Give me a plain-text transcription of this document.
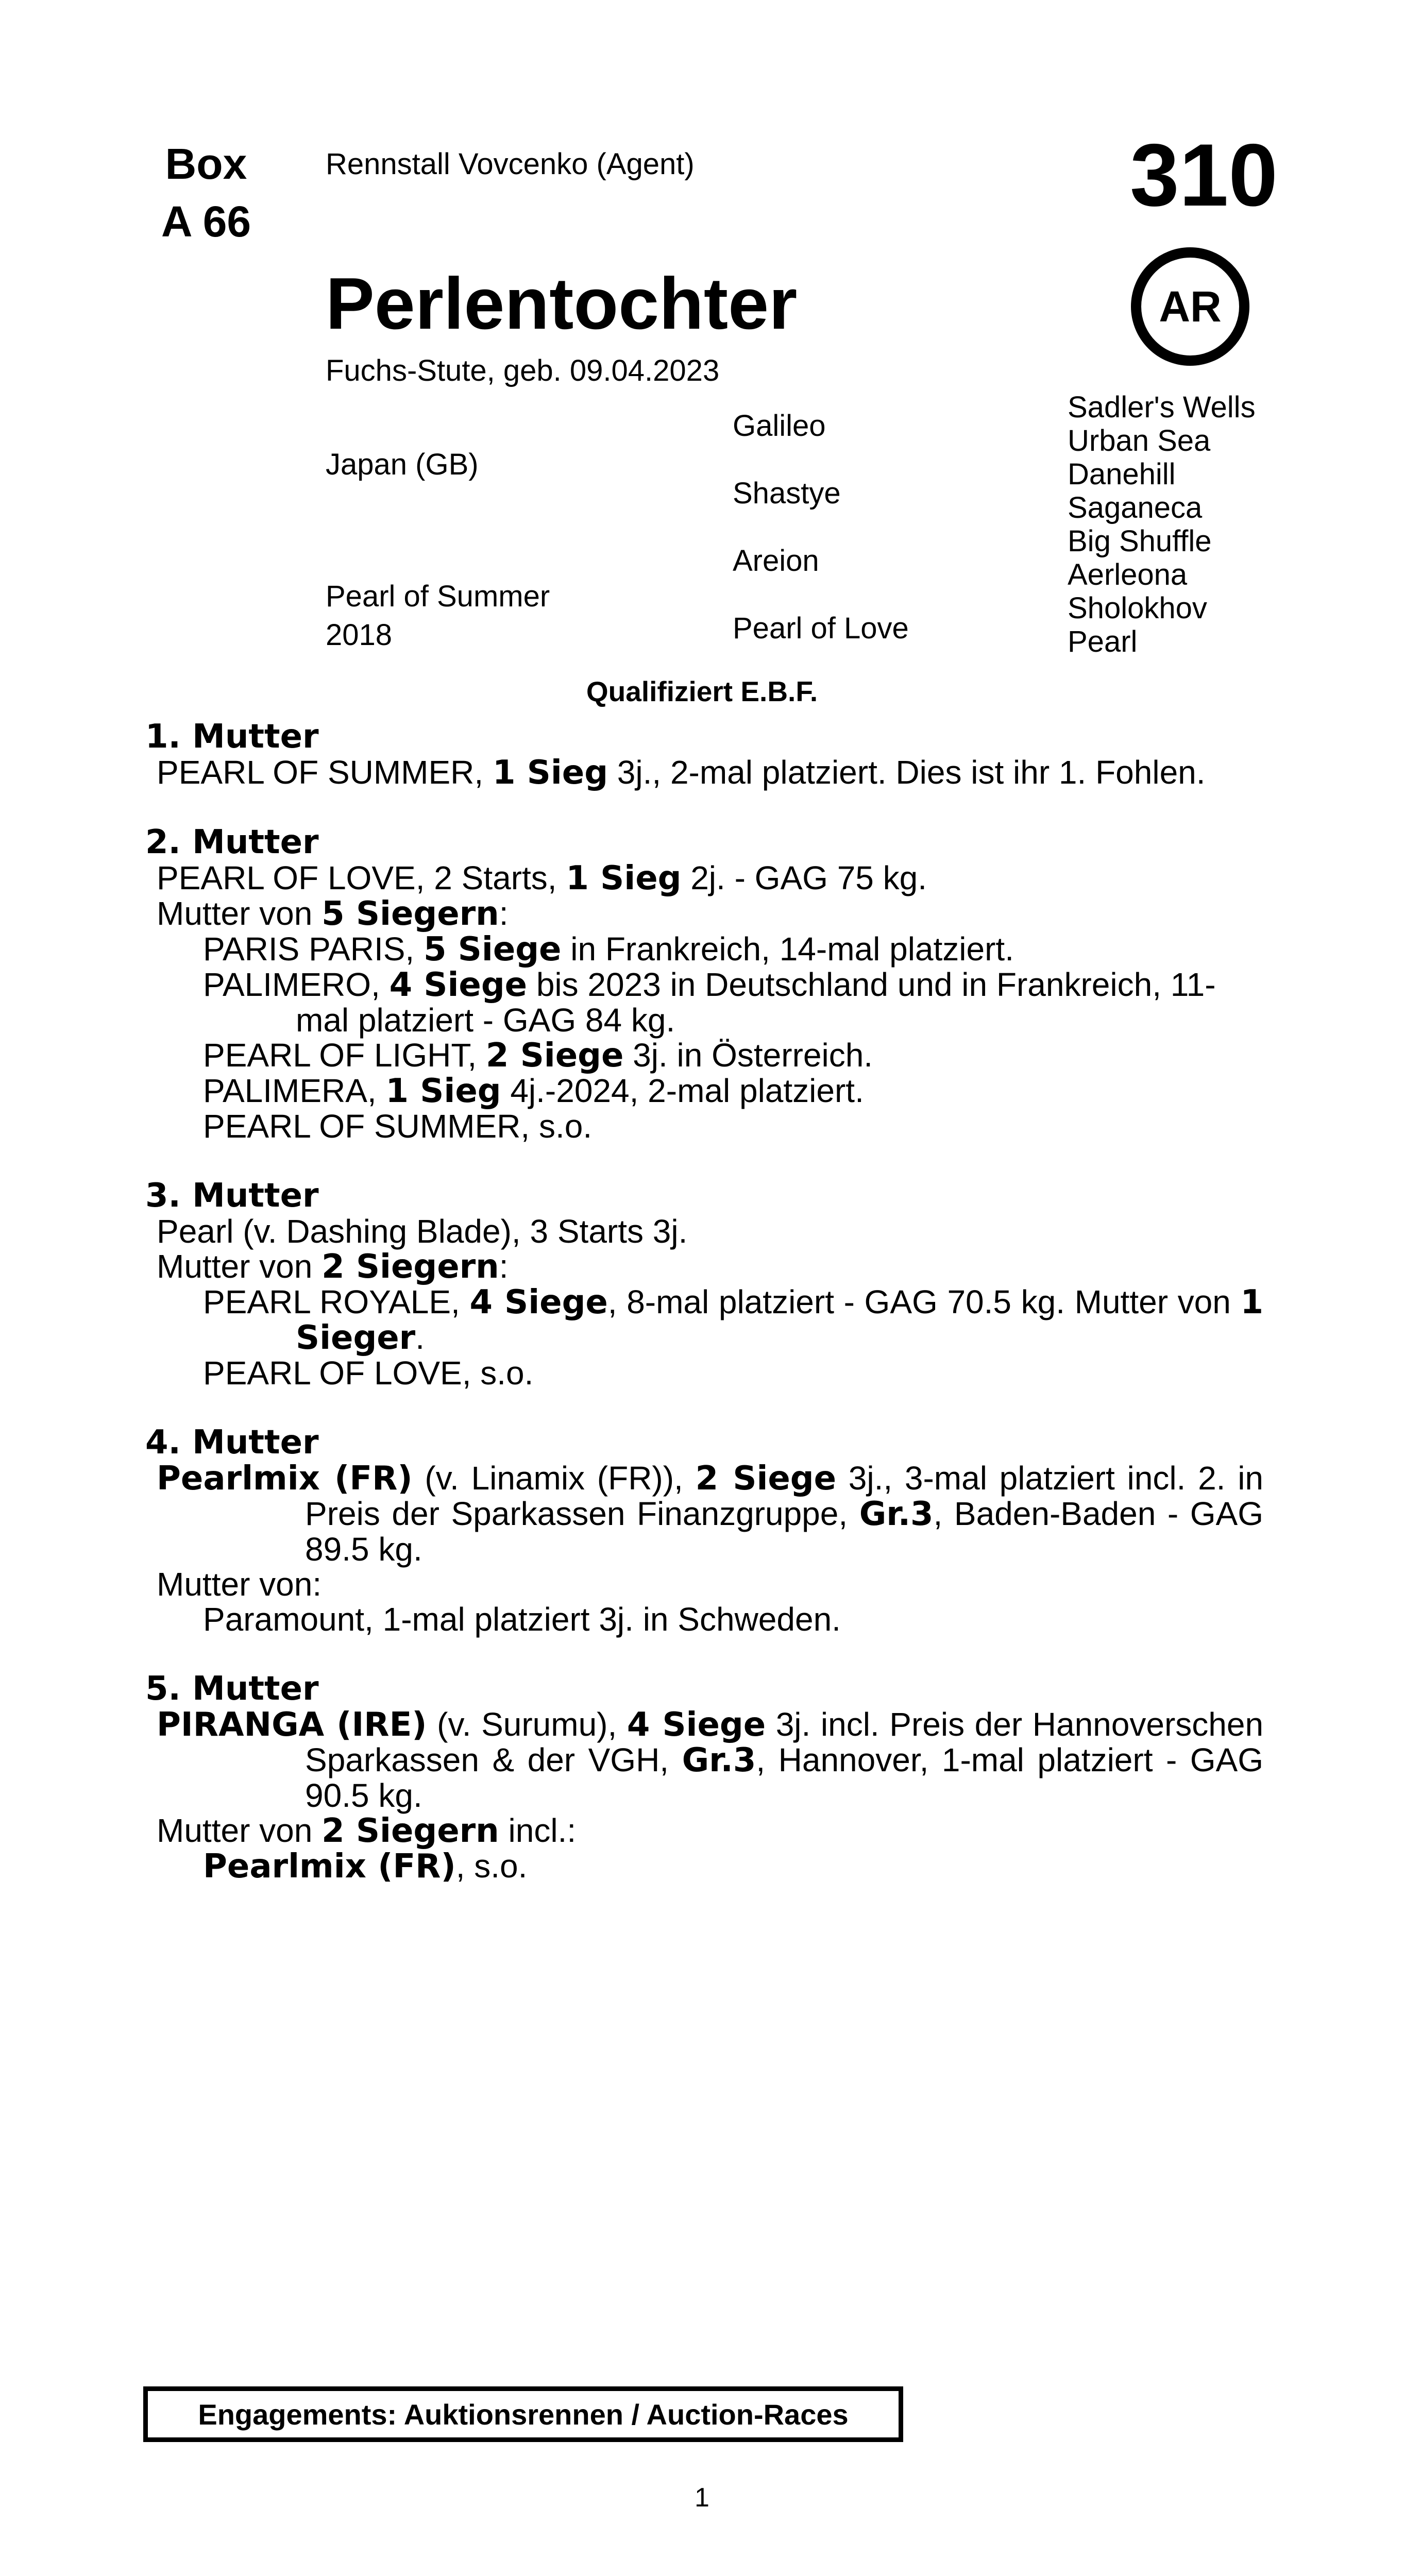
Box
A 66
Rennstall Vovcenko (Agent)	310
Perlentochter	AR
Fuchs-Stute, geb. 09.04.2023
Japan (GB)
Pearl of Summer
2018
Galileo
Shastye
Areion
Pearl of Love
Sadler's Wells
Urban Sea
Danehill
Saganeca
Big Shuffle
Aerleona
Sholokhov
Pearl
Qualifiziert E.B.F.
1. Mutter
PEARL OF SUMMER, 1 Sieg 3j., 2-mal platziert. Dies ist ihr 1. Fohlen.
2. Mutter
PEARL OF LOVE, 2 Starts, 1 Sieg 2j. - GAG 75 kg.
Mutter von 5 Siegern:
PARIS PARIS, 5 Siege in Frankreich, 14-mal platziert.
PALIMERO, 4 Siege bis 2023 in Deutschland und in Frankreich, 11-mal platziert - GAG 84 kg.
PEARL OF LIGHT, 2 Siege 3j. in Österreich.
PALIMERA, 1 Sieg 4j.-2024, 2-mal platziert.
PEARL OF SUMMER, s.o.
3. Mutter
Pearl (v. Dashing Blade), 3 Starts 3j.
Mutter von 2 Siegern:
PEARL ROYALE, 4 Siege, 8-mal platziert - GAG 70.5 kg. Mutter von 1 Sieger.
PEARL OF LOVE, s.o.
4. Mutter
Pearlmix (FR) (v. Linamix (FR)), 2 Siege 3j., 3-mal platziert incl. 2. in Preis der Sparkassen Finanzgruppe, Gr.3, Baden-Baden - GAG 89.5 kg.
Mutter von:
Paramount, 1-mal platziert 3j. in Schweden.
5. Mutter
PIRANGA (IRE) (v. Surumu), 4 Siege 3j. incl. Preis der Hannoverschen Sparkassen & der VGH, Gr.3, Hannover, 1-mal platziert - GAG 90.5 kg.
Mutter von 2 Siegern incl.:
Pearlmix (FR), s.o.
Engagements: Auktionsrennen / Auction-Races
1
